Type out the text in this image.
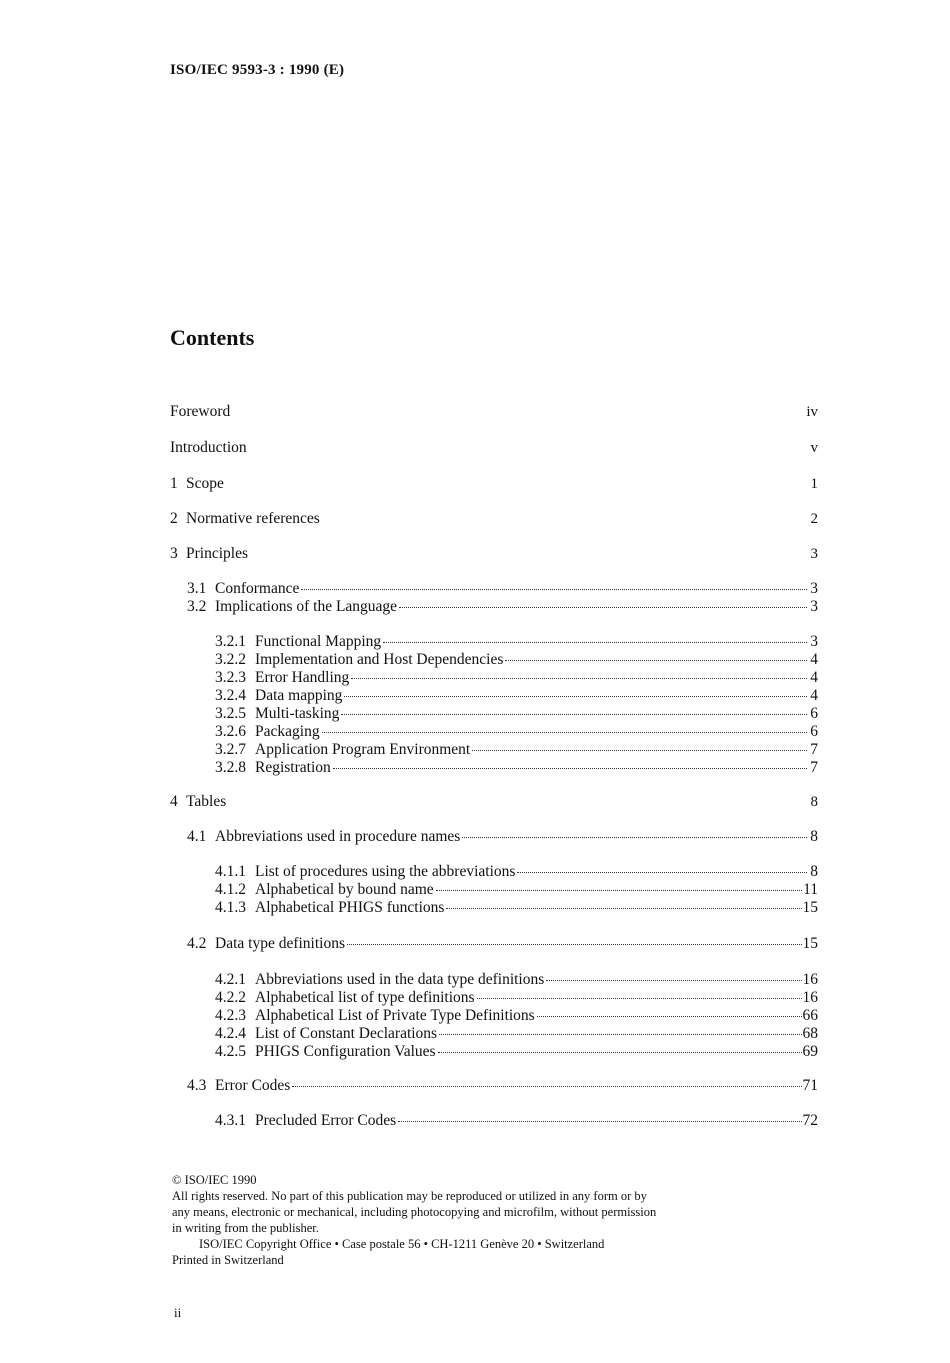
ISO/IEC 9593-3 : 1990 (E)
Contents
Foreword	iv
Introduction	v
1 Scope	1
2 Normative references	2
3 Principles	3
3.1 Conformance	3
3.2 Implications of the Language	3
3.2.1 Functional Mapping	3
3.2.2 Implementation and Host Dependencies	4
3.2.3 Error Handling	4
3.2.4 Data mapping	4
3.2.5 Multi-tasking	6
3.2.6 Packaging	6
3.2.7 Application Program Environment	7
3.2.8 Registration	7
4 Tables	8
4.1 Abbreviations used in procedure names	8
4.1.1 List of procedures using the abbreviations	8
4.1.2 Alphabetical by bound name	11
4.1.3 Alphabetical PHIGS functions	15
4.2 Data type definitions	15
4.2.1 Abbreviations used in the data type definitions	16
4.2.2 Alphabetical list of type definitions	16
4.2.3 Alphabetical List of Private Type Definitions	66
4.2.4 List of Constant Declarations	68
4.2.5 PHIGS Configuration Values	69
4.3 Error Codes	71
4.3.1 Precluded Error Codes	72
© ISO/IEC 1990
All rights reserved. No part of this publication may be reproduced or utilized in any form or by
any means, electronic or mechanical, including photocopying and microfilm, without permission
in writing from the publisher.
ISO/IEC Copyright Office • Case postale 56 • CH-1211 Genève 20 • Switzerland
Printed in Switzerland
ii
